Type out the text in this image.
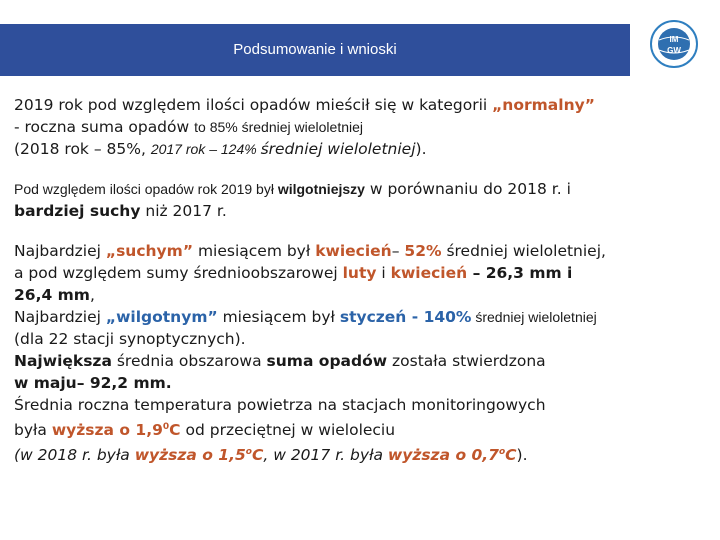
Podsumowanie i wnioski
IM
GW
2019 rok pod względem ilości opadów mieścił się w kategorii „normalny”
- roczna suma opadów to 85% średniej wieloletniej
(2018 rok – 85%, 2017 rok – 124% średniej wieloletniej).
Pod względem ilości opadów rok 2019 był wilgotniejszy w porównaniu do 2018 r. i
bardziej suchy niż 2017 r.
Najbardziej „suchym” miesiącem był kwiecień– 52% średniej wieloletniej,
a pod względem sumy średnioobszarowej luty i kwiecień – 26,3 mm i
26,4 mm,
Najbardziej „wilgotnym” miesiącem był styczeń - 140% średniej wieloletniej
(dla 22 stacji synoptycznych).
Największa średnia obszarowa suma opadów została stwierdzona
w maju– 92,2 mm.
Średnia roczna temperatura powietrza na stacjach monitoringowych
była wyższa o $1,9^0C$ od przeciętnej w wieloleciu
(w 2018 r. była wyższa o 1,5$^o$C, w 2017 r. była wyższa o 0,7$^o$C).
